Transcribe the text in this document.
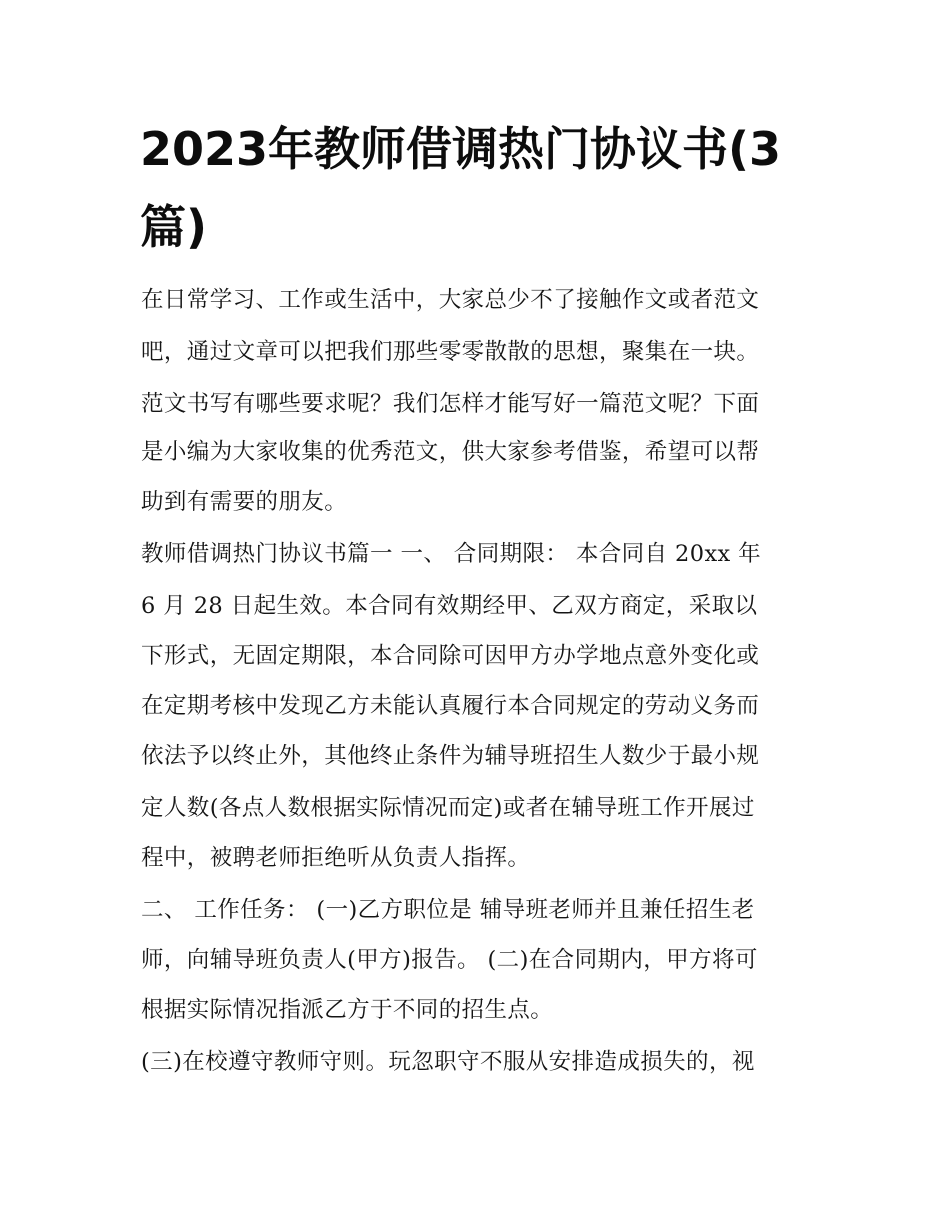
2023年教师借调热门协议书(3
篇)
在日常学习、工作或生活中，大家总少不了接触作文或者范文
吧，通过文章可以把我们那些零零散散的思想，聚集在一块。
范文书写有哪些要求呢？我们怎样才能写好一篇范文呢？下面
是小编为大家收集的优秀范文，供大家参考借鉴，希望可以帮
助到有需要的朋友。
教师借调热门协议书篇一 一、 合同期限： 本合同自 20xx 年
6 月 28 日起生效。本合同有效期经甲、乙双方商定，采取以
下形式，无固定期限，本合同除可因甲方办学地点意外变化或
在定期考核中发现乙方未能认真履行本合同规定的劳动义务而
依法予以终止外，其他终止条件为辅导班招生人数少于最小规
定人数(各点人数根据实际情况而定)或者在辅导班工作开展过
程中，被聘老师拒绝听从负责人指挥。
二、 工作任务： (一)乙方职位是 辅导班老师并且兼任招生老
师，向辅导班负责人(甲方)报告。 (二)在合同期内，甲方将可
根据实际情况指派乙方于不同的招生点。
(三)在校遵守教师守则。玩忽职守不服从安排造成损失的，视
